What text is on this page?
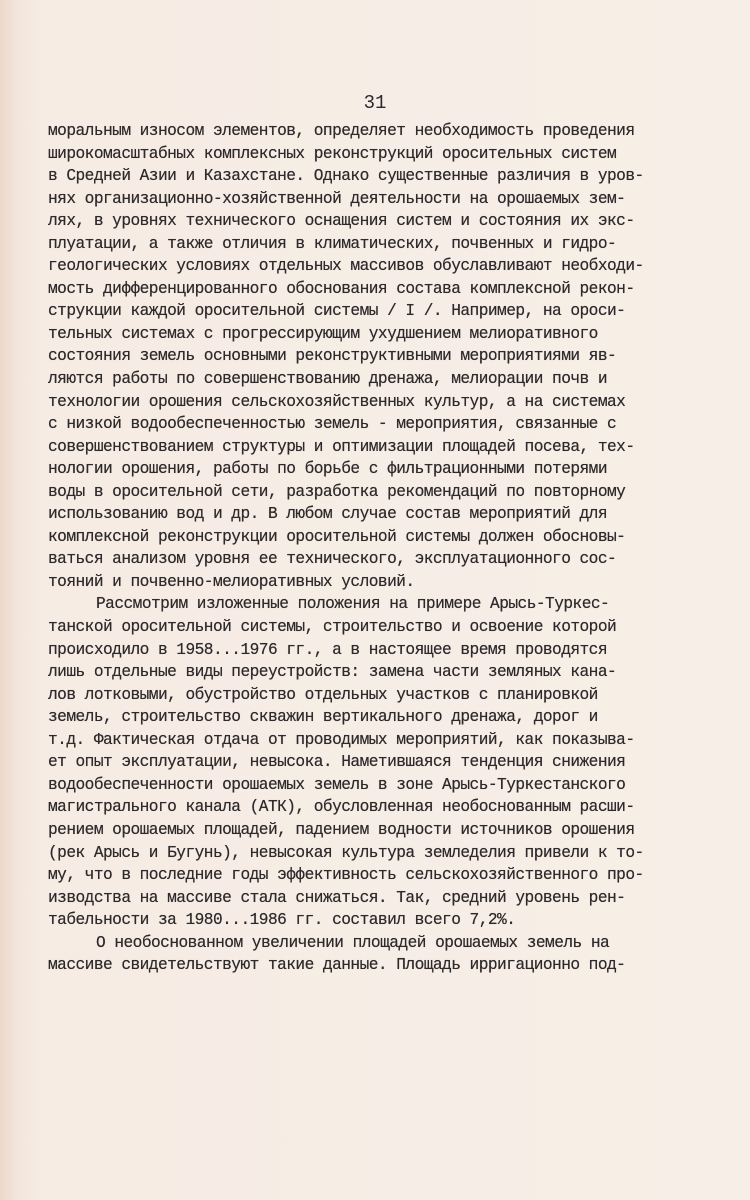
31
моральным износом элементов, определяет необходимость проведения
широкомасштабных комплексных реконструкций оросительных систем
в Средней Азии и Казахстане. Однако существенные различия в уров-
нях организационно-хозяйственной деятельности на орошаемых зем-
лях, в уровнях технического оснащения систем и состояния их экс-
плуатации, а также отличия в климатических, почвенных и гидро-
геологических условиях отдельных массивов обуславливают необходи-
мость дифференцированного обоснования состава комплексной рекон-
струкции каждой оросительной системы / I /. Например, на ороси-
тельных системах с прогрессирующим ухудшением мелиоративного
состояния земель основными реконструктивными мероприятиями яв-
ляются работы по совершенствованию дренажа, мелиорации почв и
технологии орошения сельскохозяйственных культур, а на системах
с низкой водообеспеченностью земель - мероприятия, связанные с
совершенствованием структуры и оптимизации площадей посева, тех-
нологии орошения, работы по борьбе с фильтрационными потерями
воды в оросительной сети, разработка рекомендаций по повторному
использованию вод и др. В любом случае состав мероприятий для
комплексной реконструкции оросительной системы должен обосновы-
ваться анализом уровня ее технического, эксплуатационного сос-
тояний и почвенно-мелиоративных условий.
Рассмотрим изложенные положения на примере Арысь-Туркес-
танской оросительной системы, строительство и освоение которой
происходило в 1958...1976 гг., а в настоящее время проводятся
лишь отдельные виды переустройств: замена части земляных кана-
лов лотковыми, обустройство отдельных участков с планировкой
земель, строительство скважин вертикального дренажа, дорог и
т.д. Фактическая отдача от проводимых мероприятий, как показыва-
ет опыт эксплуатации, невысока. Наметившаяся тенденция снижения
водообеспеченности орошаемых земель в зоне Арысь-Туркестанского
магистрального канала (АТК), обусловленная необоснованным расши-
рением орошаемых площадей, падением водности источников орошения
(рек Арысь и Бугунь), невысокая культура земледелия привели к то-
му, что в последние годы эффективность сельскохозяйственного про-
изводства на массиве стала снижаться. Так, средний уровень рен-
табельности за 1980...1986 гг. составил всего 7,2%.
О необоснованном увеличении площадей орошаемых земель на
массиве свидетельствуют такие данные. Площадь ирригационно под-
